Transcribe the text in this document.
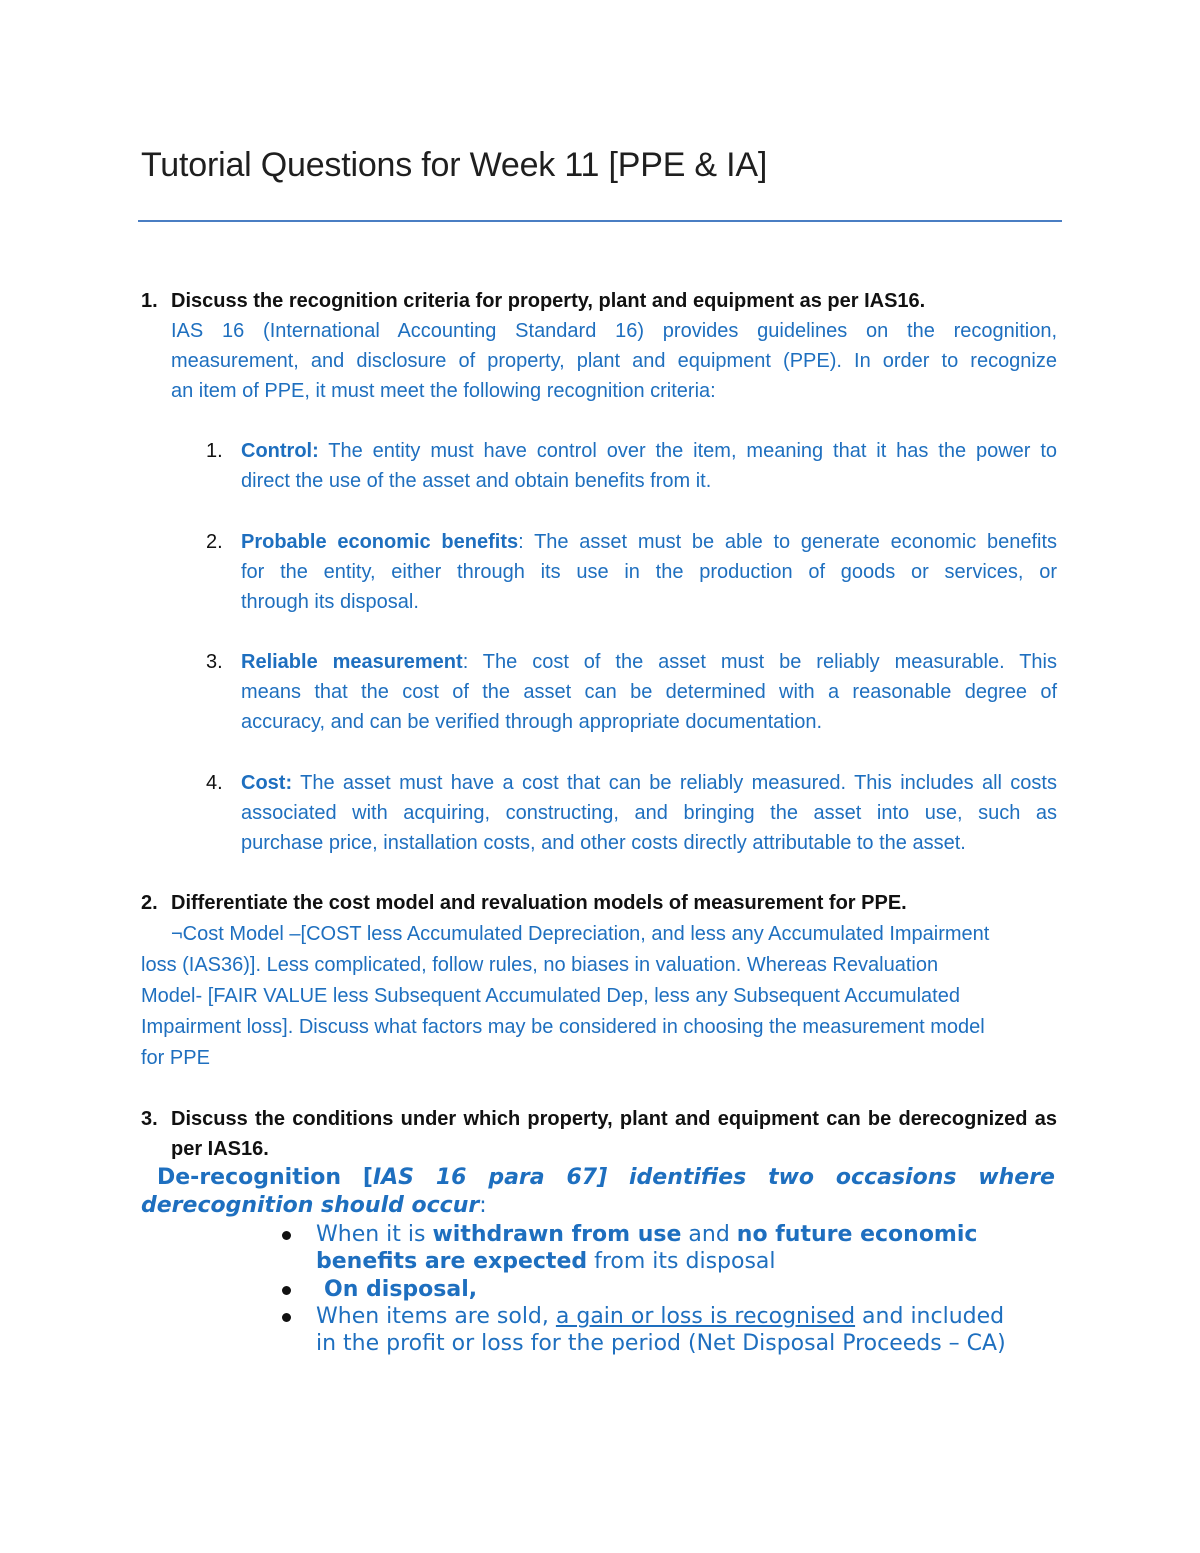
Tutorial Questions for Week 11 [PPE & IA]
1. Discuss the recognition criteria for property, plant and equipment as per IAS16.
IAS 16 (International Accounting Standard 16) provides guidelines on the recognition,
measurement, and disclosure of property, plant and equipment (PPE). In order to recognize
an item of PPE, it must meet the following recognition criteria:
1. Control: The entity must have control over the item, meaning that it has the power to
direct the use of the asset and obtain benefits from it.
2. Probable economic benefits: The asset must be able to generate economic benefits
for the entity, either through its use in the production of goods or services, or
through its disposal.
3. Reliable measurement: The cost of the asset must be reliably measurable. This
means that the cost of the asset can be determined with a reasonable degree of
accuracy, and can be verified through appropriate documentation.
4. Cost: The asset must have a cost that can be reliably measured. This includes all costs
associated with acquiring, constructing, and bringing the asset into use, such as
purchase price, installation costs, and other costs directly attributable to the asset.
2. Differentiate the cost model and revaluation models of measurement for PPE.
¬Cost Model –[COST less Accumulated Depreciation, and less any Accumulated Impairment
loss (IAS36)]. Less complicated, follow rules, no biases in valuation. Whereas Revaluation
Model- [FAIR VALUE less Subsequent Accumulated Dep, less any Subsequent Accumulated
Impairment loss]. Discuss what factors may be considered in choosing the measurement model
for PPE
3. Discuss the conditions under which property, plant and equipment can be derecognized as
per IAS16.
De-recognition [IAS 16 para 67] identifies two occasions where
derecognition should occur:
When it is withdrawn from use and no future economic
benefits are expected from its disposal
On disposal,
When items are sold, a gain or loss is recognised and included
in the profit or loss for the period (Net Disposal Proceeds – CA)
